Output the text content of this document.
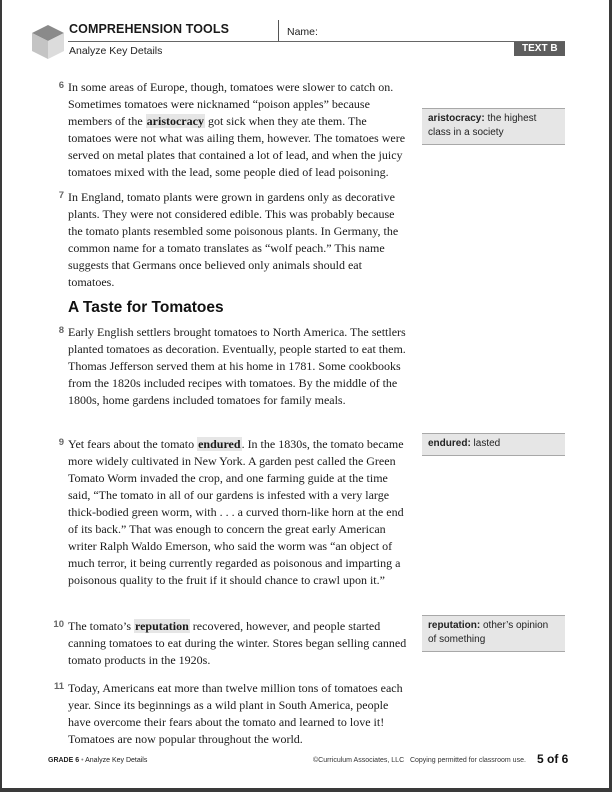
COMPREHENSION TOOLS	Name:
Analyze Key Details	TEXT B
6 In some areas of Europe, though, tomatoes were slower to catch on. Sometimes tomatoes were nicknamed “poison apples” because members of the aristocracy got sick when they ate them. The tomatoes were not what was ailing them, however. The tomatoes were served on metal plates that contained a lot of lead, and when the juicy tomatoes mixed with the lead, some people died of lead poisoning.
7 In England, tomato plants were grown in gardens only as decorative plants. They were not considered edible. This was probably because the tomato plants resembled some poisonous plants. In Germany, the common name for a tomato translates as “wolf peach.” This name suggests that Germans once believed only animals should eat tomatoes.
A Taste for Tomatoes
8 Early English settlers brought tomatoes to North America. The settlers planted tomatoes as decoration. Eventually, people started to eat them. Thomas Jefferson served them at his home in 1781. Some cookbooks from the 1820s included recipes with tomatoes. By the middle of the 1800s, home gardens included tomatoes for family meals.
9 Yet fears about the tomato endured. In the 1830s, the tomato became more widely cultivated in New York. A garden pest called the Green Tomato Worm invaded the crop, and one farming guide at the time said, “The tomato in all of our gardens is infested with a very large thick-bodied green worm, with . . . a curved thorn-like horn at the end of its back.” That was enough to concern the great early American writer Ralph Waldo Emerson, who said the worm was “an object of much terror, it being currently regarded as poisonous and imparting a poisonous quality to the fruit if it should chance to crawl upon it.”
10 The tomato’s reputation recovered, however, and people started canning tomatoes to eat during the winter. Stores began selling canned tomato products in the 1920s.
11 Today, Americans eat more than twelve million tons of tomatoes each year. Since its beginnings as a wild plant in South America, people have overcome their fears about the tomato and learned to love it! Tomatoes are now popular throughout the world.
aristocracy: the highest class in a society
endured: lasted
reputation: other’s opinion of something
GRADE 6 • Analyze Key Details	©Curriculum Associates, LLC   Copying permitted for classroom use. 5 of 6
